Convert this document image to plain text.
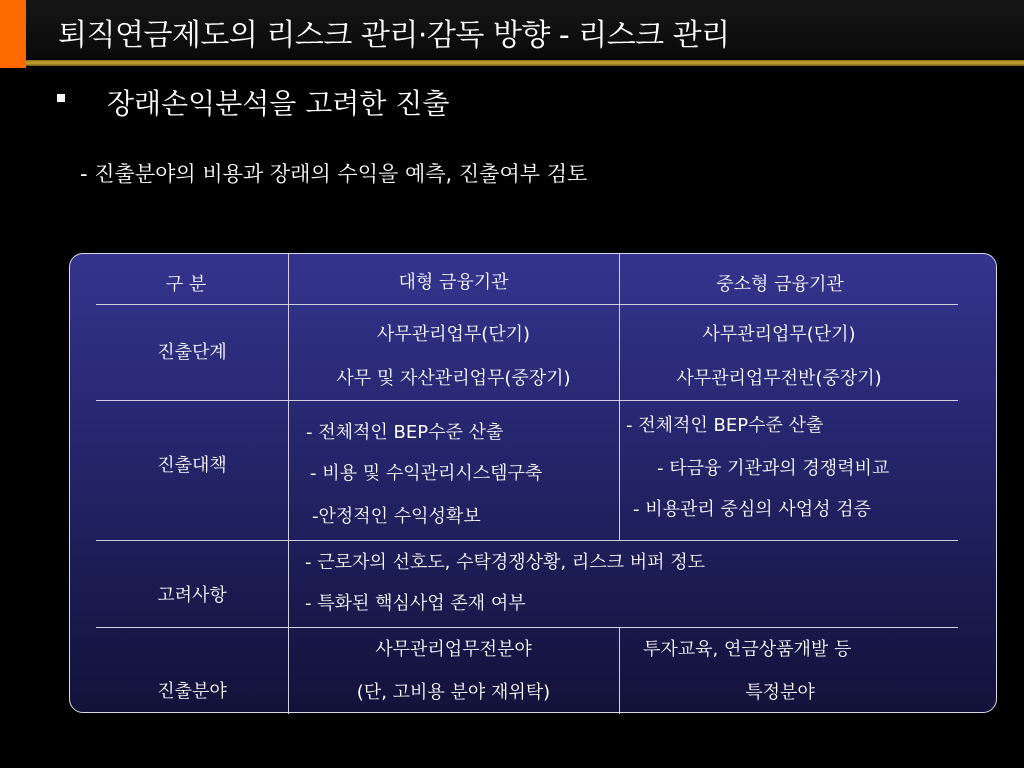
퇴직연금제도의 리스크 관리·감독 방향 - 리스크 관리
장래손익분석을 고려한 진출
- 진출분야의 비용과 장래의 수익을 예측, 진출여부 검토
구 분	대형 금융기관	중소형 금융기관
진출단계
사무관리업무(단기)
사무 및 자산관리업무(중장기)
사무관리업무(단기)
사무관리업무전반(중장기)
진출대책
- 전체적인 BEP수준 산출
- 비용 및 수익관리시스템구축
-안정적인 수익성확보
- 전체적인 BEP수준 산출
- 타금융 기관과의 경쟁력비교
- 비용관리 중심의 사업성 검증
고려사항
- 근로자의 선호도, 수탁경쟁상황, 리스크 버퍼 정도
- 특화된 핵심사업 존재 여부
진출분야
사무관리업무전분야
(단, 고비용 분야 재위탁)
투자교육, 연금상품개발 등
특정분야
